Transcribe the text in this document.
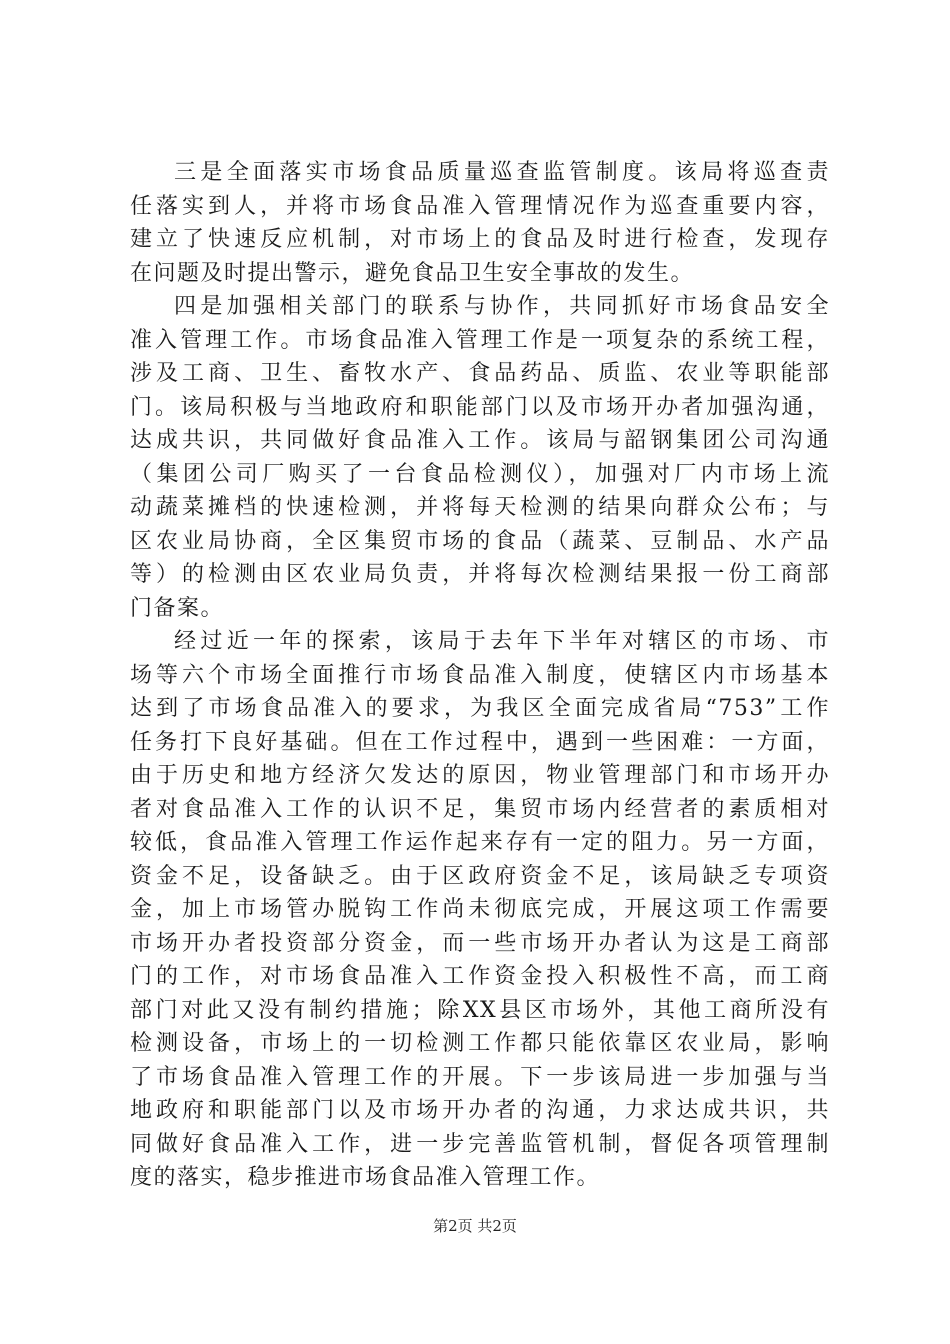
三是全面落实市场食品质量巡查监管制度。该局将巡查责
任落实到人，并将市场食品准入管理情况作为巡查重要内容，
建立了快速反应机制，对市场上的食品及时进行检查，发现存
在问题及时提出警示，避免食品卫生安全事故的发生。
四是加强相关部门的联系与协作，共同抓好市场食品安全
准入管理工作。市场食品准入管理工作是一项复杂的系统工程，
涉及工商、卫生、畜牧水产、食品药品、质监、农业等职能部
门。该局积极与当地政府和职能部门以及市场开办者加强沟通，
达成共识，共同做好食品准入工作。该局与韶钢集团公司沟通
（集团公司厂购买了一台食品检测仪），加强对厂内市场上流
动蔬菜摊档的快速检测，并将每天检测的结果向群众公布；与
区农业局协商，全区集贸市场的食品（蔬菜、豆制品、水产品
等）的检测由区农业局负责，并将每次检测结果报一份工商部
门备案。
经过近一年的探索，该局于去年下半年对辖区的市场、市
场等六个市场全面推行市场食品准入制度，使辖区内市场基本
达到了市场食品准入的要求，为我区全面完成省局“753”工作
任务打下良好基础。但在工作过程中，遇到一些困难：一方面，
由于历史和地方经济欠发达的原因，物业管理部门和市场开办
者对食品准入工作的认识不足，集贸市场内经营者的素质相对
较低，食品准入管理工作运作起来存有一定的阻力。另一方面，
资金不足，设备缺乏。由于区政府资金不足，该局缺乏专项资
金，加上市场管办脱钩工作尚未彻底完成，开展这项工作需要
市场开办者投资部分资金，而一些市场开办者认为这是工商部
门的工作，对市场食品准入工作资金投入积极性不高，而工商
部门对此又没有制约措施；除XX县区市场外，其他工商所没有
检测设备，市场上的一切检测工作都只能依靠区农业局，影响
了市场食品准入管理工作的开展。下一步该局进一步加强与当
地政府和职能部门以及市场开办者的沟通，力求达成共识，共
同做好食品准入工作，进一步完善监管机制，督促各项管理制
度的落实，稳步推进市场食品准入管理工作。
第2页 共2页
